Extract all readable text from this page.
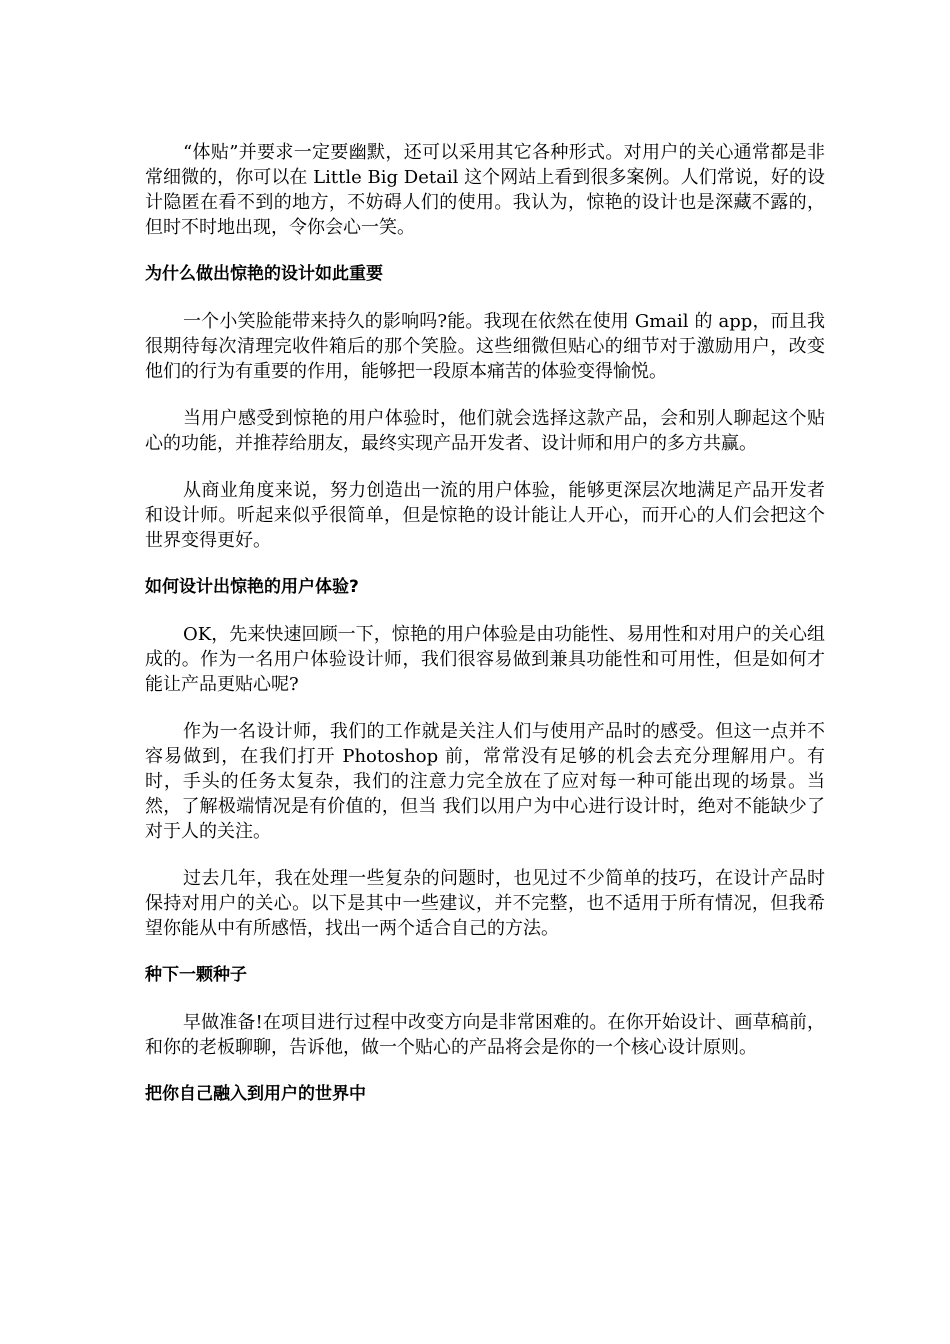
“体贴”并要求一定要幽默，还可以采用其它各种形式。对用户的关心通常都是非常细微的，你可以在 Little Big Detail 这个网站上看到很多案例。人们常说，好的设计隐匿在看不到的地方，不妨碍人们的使用。我认为，惊艳的设计也是深藏不露的，但时不时地出现，令你会心一笑。

为什么做出惊艳的设计如此重要

一个小笑脸能带来持久的影响吗?能。我现在依然在使用 Gmail 的 app，而且我很期待每次清理完收件箱后的那个笑脸。这些细微但贴心的细节对于激励用户，改变他们的行为有重要的作用，能够把一段原本痛苦的体验变得愉悦。

当用户感受到惊艳的用户体验时，他们就会选择这款产品，会和别人聊起这个贴心的功能，并推荐给朋友，最终实现产品开发者、设计师和用户的多方共赢。

从商业角度来说，努力创造出一流的用户体验，能够更深层次地满足产品开发者和设计师。听起来似乎很简单，但是惊艳的设计能让人开心，而开心的人们会把这个世界变得更好。

如何设计出惊艳的用户体验?

OK，先来快速回顾一下，惊艳的用户体验是由功能性、易用性和对用户的关心组成的。作为一名用户体验设计师，我们很容易做到兼具功能性和可用性，但是如何才能让产品更贴心呢?

作为一名设计师，我们的工作就是关注人们与使用产品时的感受。但这一点并不容易做到，在我们打开 Photoshop 前，常常没有足够的机会去充分理解用户。有时，手头的任务太复杂，我们的注意力完全放在了应对每一种可能出现的场景。当然，了解极端情况是有价值的，但当 我们以用户为中心进行设计时，绝对不能缺少了对于人的关注。

过去几年，我在处理一些复杂的问题时，也见过不少简单的技巧，在设计产品时保持对用户的关心。以下是其中一些建议，并不完整，也不适用于所有情况，但我希望你能从中有所感悟，找出一两个适合自己的方法。

种下一颗种子

早做准备!在项目进行过程中改变方向是非常困难的。在你开始设计、画草稿前，和你的老板聊聊，告诉他，做一个贴心的产品将会是你的一个核心设计原则。

把你自己融入到用户的世界中
